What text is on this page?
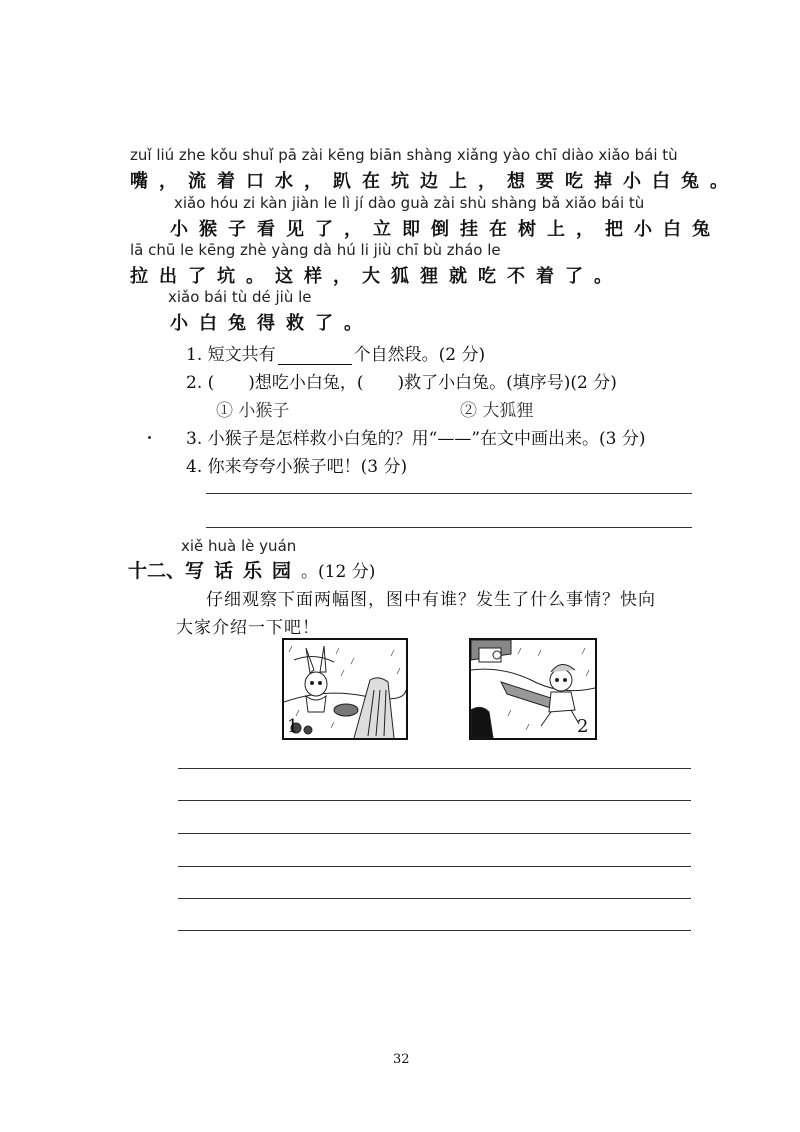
zuǐ liú zhe kǒu shuǐ pā zài kēng biān shàng xiǎng yào chī diào xiǎo bái tù
嘴，流着口水，趴在坑边上，想要吃掉小白兔。
xiǎo hóu zi kàn jiàn le lì jí dào guà zài shù shàng bǎ xiǎo bái tù
小猴子看见了，立即倒挂在树上，把小白兔
lā chū le kēng zhè yàng dà hú li jiù chī bù zháo le
拉出了坑。这样，大狐狸就吃不着了。
xiǎo bái tù dé jiù le
小白兔得救了。
1. 短文共有	个自然段。(2 分)
2. ( )想吃小白兔，( )救了小白兔。(填序号)(2 分)
① 小猴子	② 大狐狸
3. 小猴子是怎样救小白兔的？用“——”在文中画出来。(3 分)
4. 你来夸夸小猴子吧！(3 分)
xiě huà lè yuán
十二、写话乐园。(12 分)
仔细观察下面两幅图，图中有谁？发生了什么事情？快向
大家介绍一下吧！
1	2
32
